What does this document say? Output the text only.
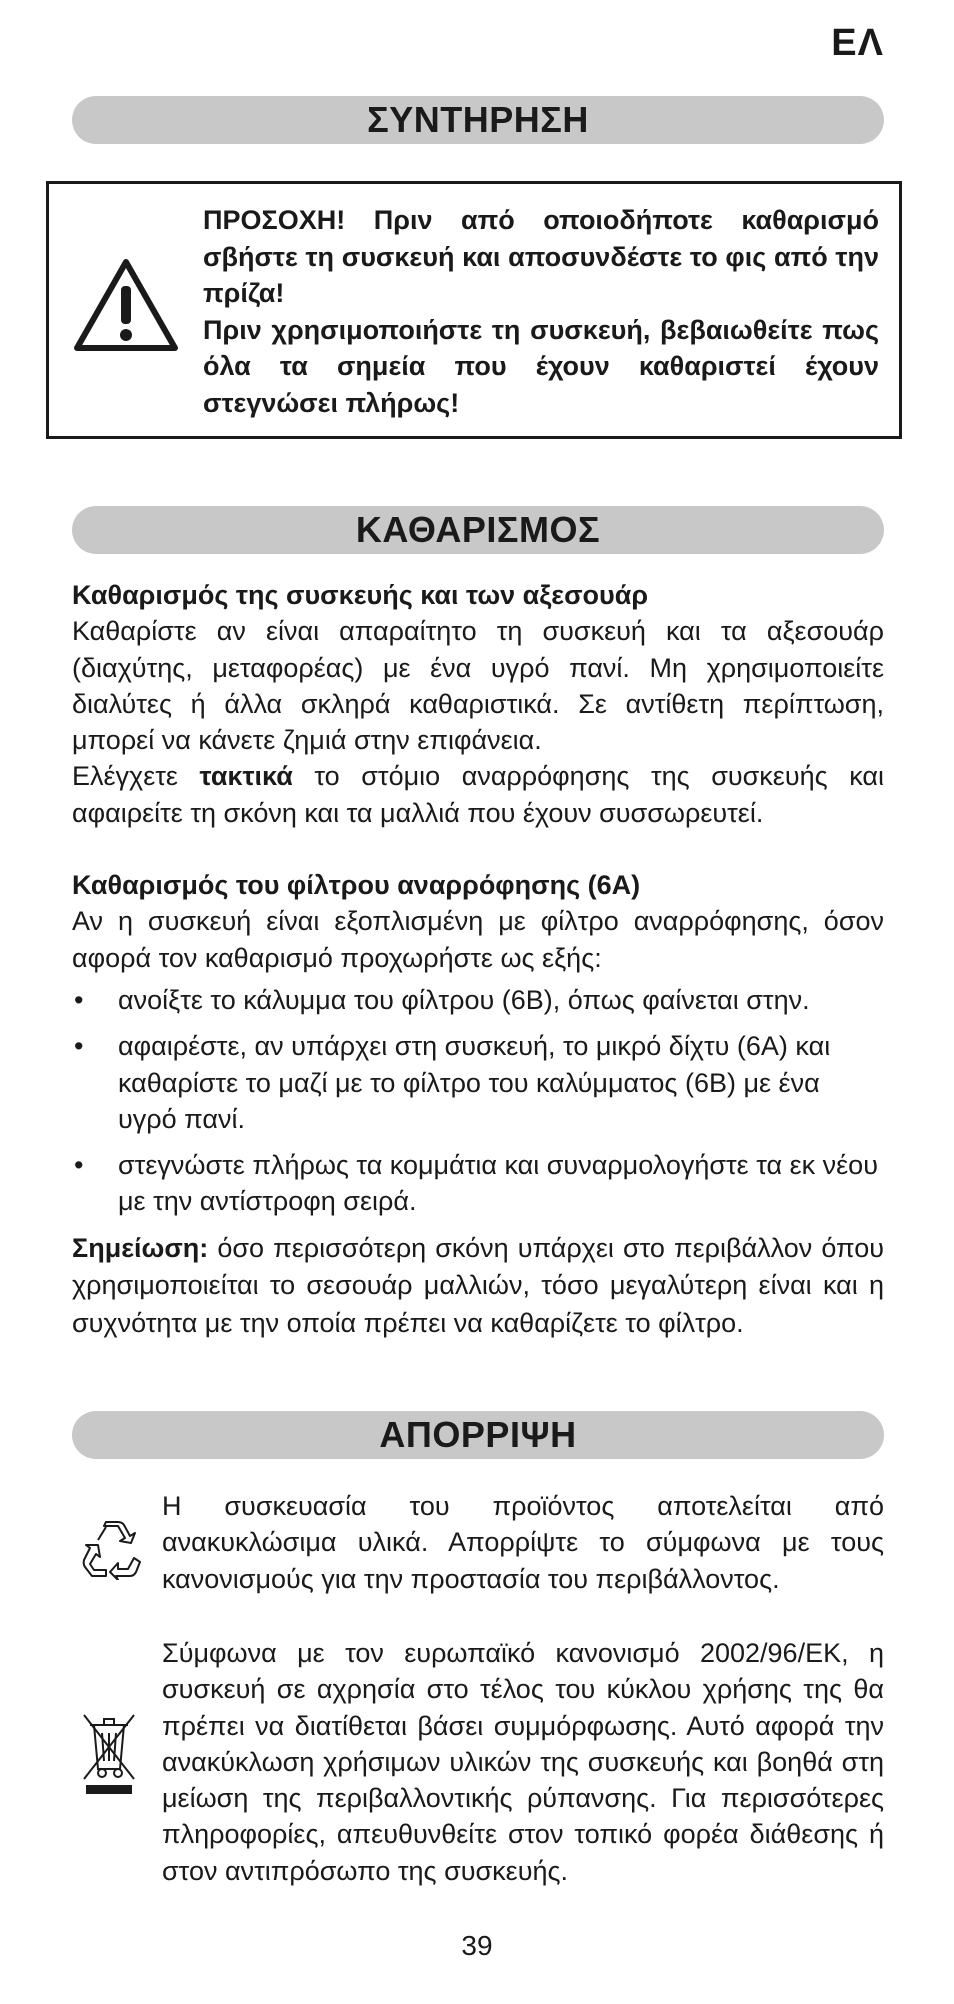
ΕΛ
ΣΥΝΤΗΡΗΣΗ

ΠΡΟΣΟΧΗ! Πριν από οποιοδήποτε καθαρισμό σβήστε τη συσκευή και αποσυνδέστε το φις από την πρίζα!

Πριν χρησιμοποιήστε τη συσκευή, βεβαιωθείτε πως όλα τα σημεία που έχουν καθαριστεί έχουν στεγνώσει πλήρως!

ΚΑΘΑΡΙΣΜΟΣ
Καθαρισμός της συσκευής και των αξεσουάρ

Καθαρίστε αν είναι απαραίτητο τη συσκευή και τα αξεσουάρ (διαχύτης, μεταφορέας) με ένα υγρό πανί. Μη χρησιμοποιείτε διαλύτες ή άλλα σκληρά καθαριστικά. Σε αντίθετη περίπτωση, μπορεί να κάνετε ζημιά στην επιφάνεια.

Ελέγχετε τακτικά το στόμιο αναρρόφησης της συσκευής και αφαιρείτε τη σκόνη και τα μαλλιά που έχουν συσσωρευτεί.

Καθαρισμός του φίλτρου αναρρόφησης (6A)

Αν η συσκευή είναι εξοπλισμένη με φίλτρο αναρρόφησης, όσον αφορά τον καθαρισμό προχωρήστε ως εξής:

• ανοίξτε το κάλυμμα του φίλτρου (6B), όπως φαίνεται στην.
• αφαιρέστε, αν υπάρχει στη συσκευή, το μικρό δίχτυ (6A) και καθαρίστε το μαζί με το φίλτρο του καλύμματος (6B) με ένα υγρό πανί.
• στεγνώστε πλήρως τα κομμάτια και συναρμολογήστε τα εκ νέου με την αντίστροφη σειρά.

Σημείωση: όσο περισσότερη σκόνη υπάρχει στο περιβάλλον όπου χρησιμοποιείται το σεσουάρ μαλλιών, τόσο μεγαλύτερη είναι και η συχνότητα με την οποία πρέπει να καθαρίζετε το φίλτρο.

ΑΠΟΡΡΙΨΗ
Η συσκευασία του προϊόντος αποτελείται από ανακυκλώσιμα υλικά. Απορρίψτε το σύμφωνα με τους κανονισμούς για την προστασία του περιβάλλοντος.
Σύμφωνα με τον ευρωπαϊκό κανονισμό 2002/96/ΕΚ, η συσκευή σε αχρησία στο τέλος του κύκλου χρήσης της θα πρέπει να διατίθεται βάσει συμμόρφωσης. Αυτό αφορά την ανακύκλωση χρήσιμων υλικών της συσκευής και βοηθά στη μείωση της περιβαλλοντικής ρύπανσης. Για περισσότερες πληροφορίες, απευθυνθείτε στον τοπικό φορέα διάθεσης ή στον αντιπρόσωπο της συσκευής.
39
